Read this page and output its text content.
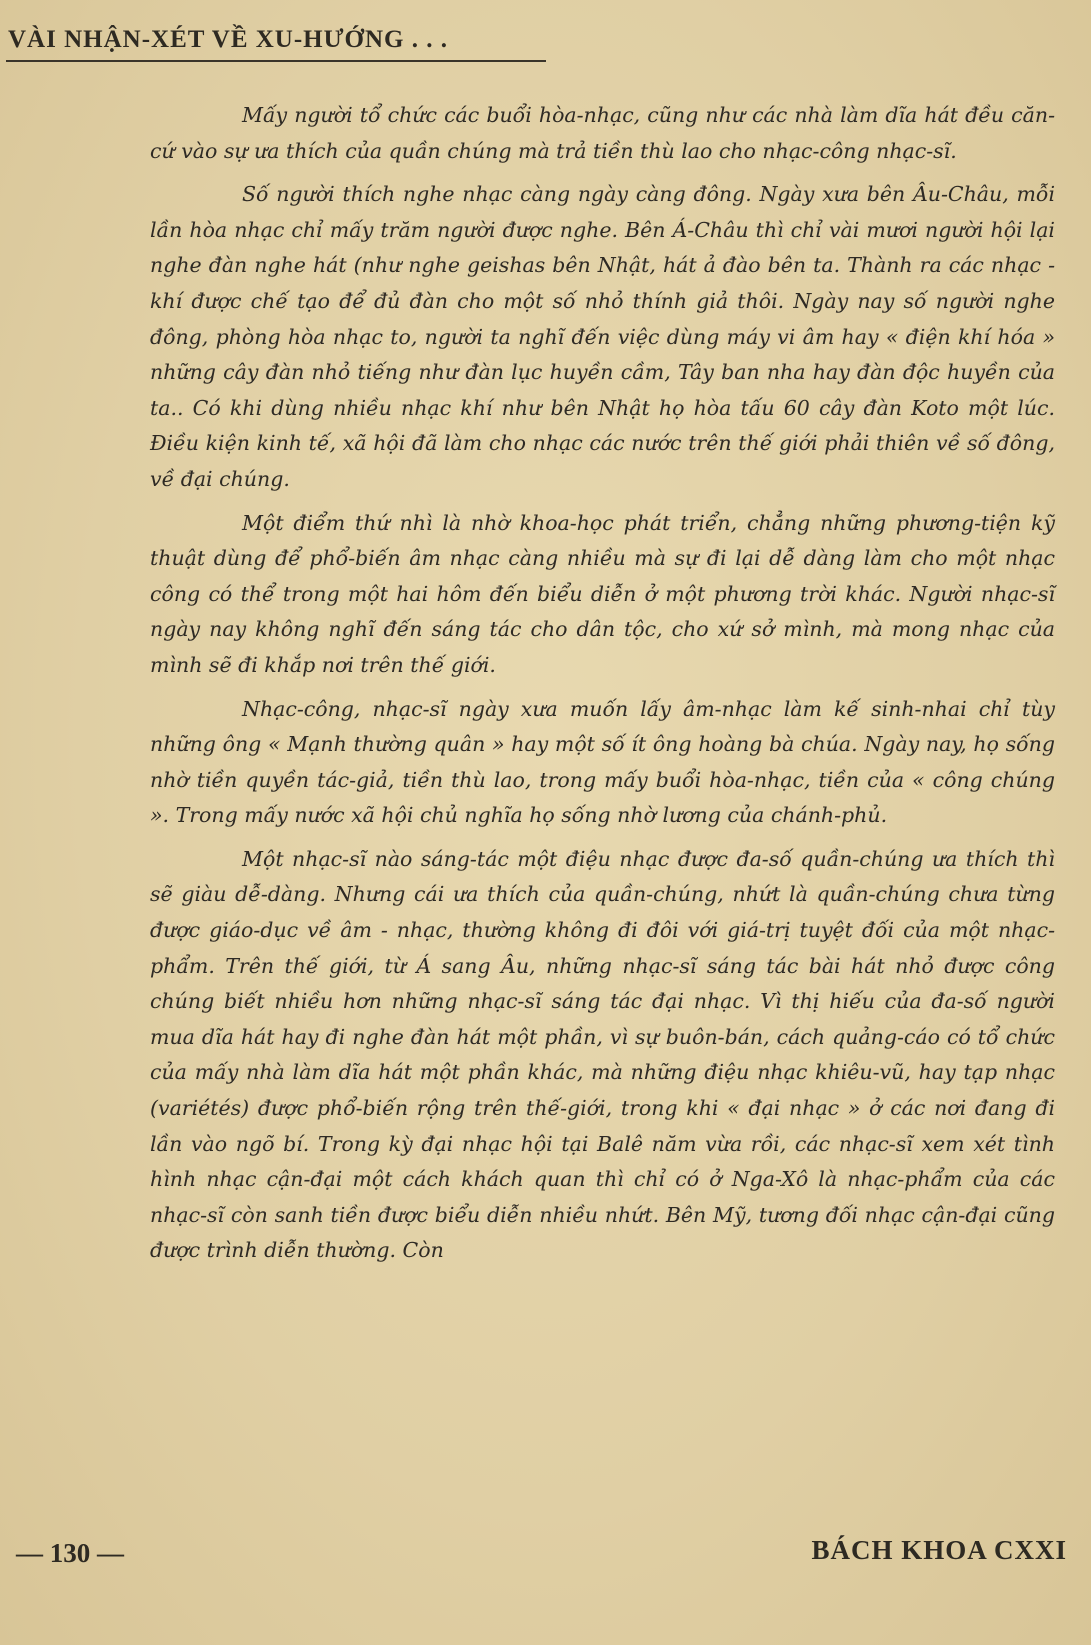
VÀI NHẬN-XÉT VỀ XU-HƯỚNG . . .

Mấy người tổ chức các buổi hòa-nhạc, cũng như các nhà làm dĩa hát đều căn-cứ vào sự ưa thích của quần chúng mà trả tiền thù lao cho nhạc-công nhạc-sĩ.

Số người thích nghe nhạc càng ngày càng đông. Ngày xưa bên Âu-Châu, mỗi lần hòa nhạc chỉ mấy trăm người được nghe. Bên Á-Châu thì chỉ vài mươi người hội lại nghe đàn nghe hát (như nghe geishas bên Nhật, hát ả đào bên ta. Thành ra các nhạc - khí được chế tạo để đủ đàn cho một số nhỏ thính giả thôi. Ngày nay số người nghe đông, phòng hòa nhạc to, người ta nghĩ đến việc dùng máy vi âm hay « điện khí hóa » những cây đàn nhỏ tiếng như đàn lục huyền cầm, Tây ban nha hay đàn độc huyền của ta.. Có khi dùng nhiều nhạc khí như bên Nhật họ hòa tấu 60 cây đàn Koto một lúc. Điều kiện kinh tế, xã hội đã làm cho nhạc các nước trên thế giới phải thiên về số đông, về đại chúng.

Một điểm thứ nhì là nhờ khoa-học phát triển, chẳng những phương-tiện kỹ thuật dùng để phổ-biến âm nhạc càng nhiều mà sự đi lại dễ dàng làm cho một nhạc công có thể trong một hai hôm đến biểu diễn ở một phương trời khác. Người nhạc-sĩ ngày nay không nghĩ đến sáng tác cho dân tộc, cho xứ sở mình, mà mong nhạc của mình sẽ đi khắp nơi trên thế giới.

Nhạc-công, nhạc-sĩ ngày xưa muốn lấy âm-nhạc làm kế sinh-nhai chỉ tùy những ông « Mạnh thường quân » hay một số ít ông hoàng bà chúa. Ngày nay, họ sống nhờ tiền quyền tác-giả, tiền thù lao, trong mấy buổi hòa-nhạc, tiền của « công chúng ». Trong mấy nước xã hội chủ nghĩa họ sống nhờ lương của chánh-phủ.

Một nhạc-sĩ nào sáng-tác một điệu nhạc được đa-số quần-chúng ưa thích thì sẽ giàu dễ-dàng. Nhưng cái ưa thích của quần-chúng, nhứt là quần-chúng chưa từng được giáo-dục về âm - nhạc, thường không đi đôi với giá-trị tuyệt đối của một nhạc-phẩm. Trên thế giới, từ Á sang Âu, những nhạc-sĩ sáng tác bài hát nhỏ được công chúng biết nhiều hơn những nhạc-sĩ sáng tác đại nhạc. Vì thị hiếu của đa-số người mua dĩa hát hay đi nghe đàn hát một phần, vì sự buôn-bán, cách quảng-cáo có tổ chức của mấy nhà làm dĩa hát một phần khác, mà những điệu nhạc khiêu-vũ, hay tạp nhạc (variétés) được phổ-biến rộng trên thế-giới, trong khi « đại nhạc » ở các nơi đang đi lần vào ngõ bí. Trong kỳ đại nhạc hội tại Balê năm vừa rồi, các nhạc-sĩ xem xét tình hình nhạc cận-đại một cách khách quan thì chỉ có ở Nga-Xô là nhạc-phẩm của các nhạc-sĩ còn sanh tiền được biểu diễn nhiều nhứt. Bên Mỹ, tương đối nhạc cận-đại cũng được trình diễn thường. Còn

— 130 —	BÁCH KHOA CXXI
